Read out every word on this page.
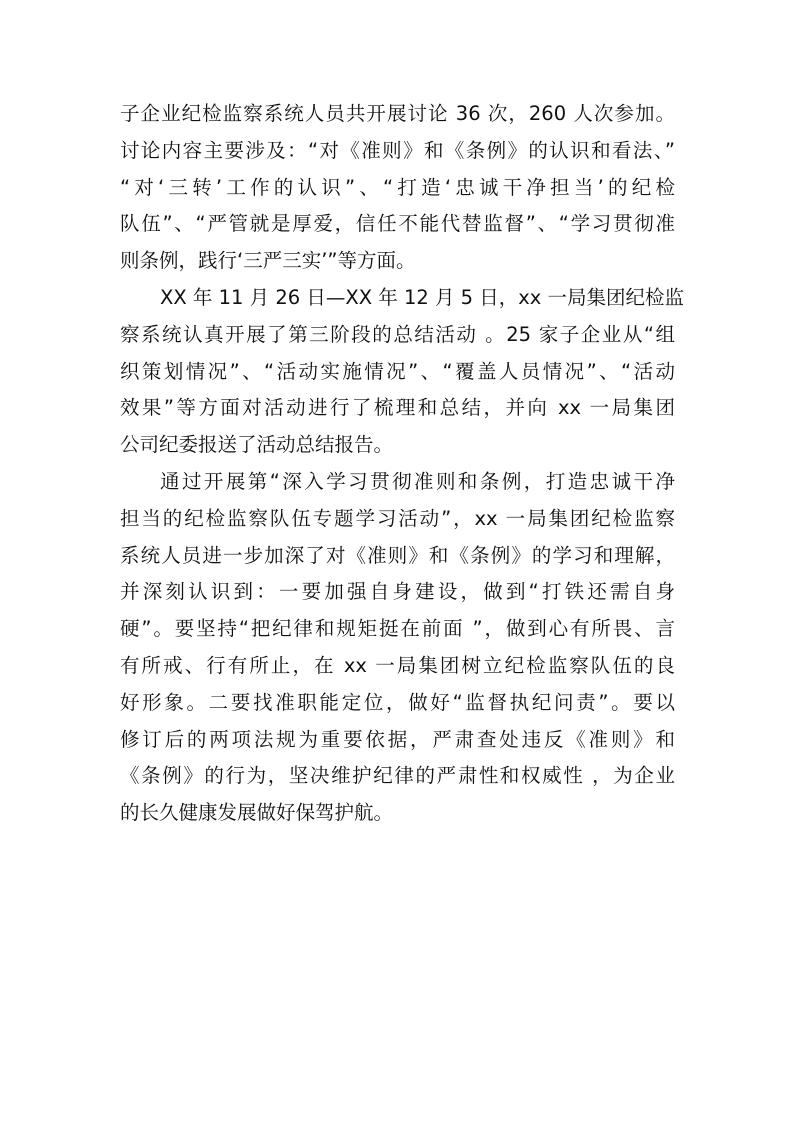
子企业纪检监察系统人员共开展讨论 36 次，260 人次参加。
讨论内容主要涉及：“对《准则》和《条例》的认识和看法、”
“对‘三转’工作的认识”、“打造‘忠诚干净担当’的纪检
队伍”、“严管就是厚爱，信任不能代替监督”、“学习贯彻准
则条例，践行‘三严三实’”等方面。
XX 年 11 月 26 日—XX 年 12 月 5 日，xx 一局集团纪检监
察系统认真开展了第三阶段的总结活动 。25 家子企业从“组
织策划情况”、“活动实施情况”、“覆盖人员情况”、“活动
效果”等方面对活动进行了梳理和总结，并向 xx 一局集团
公司纪委报送了活动总结报告。
通过开展第“深入学习贯彻准则和条例，打造忠诚干净
担当的纪检监察队伍专题学习活动”，xx 一局集团纪检监察
系统人员进一步加深了对《准则》和《条例》的学习和理解，
并深刻认识到：一要加强自身建设，做到“打铁还需自身
硬”。要坚持“把纪律和规矩挺在前面 ”，做到心有所畏、言
有所戒、行有所止，在 xx 一局集团树立纪检监察队伍的良
好形象。二要找准职能定位，做好“监督执纪问责”。要以
修订后的两项法规为重要依据，严肃查处违反《准则》和
《条例》的行为，坚决维护纪律的严肃性和权威性 ，为企业
的长久健康发展做好保驾护航。
